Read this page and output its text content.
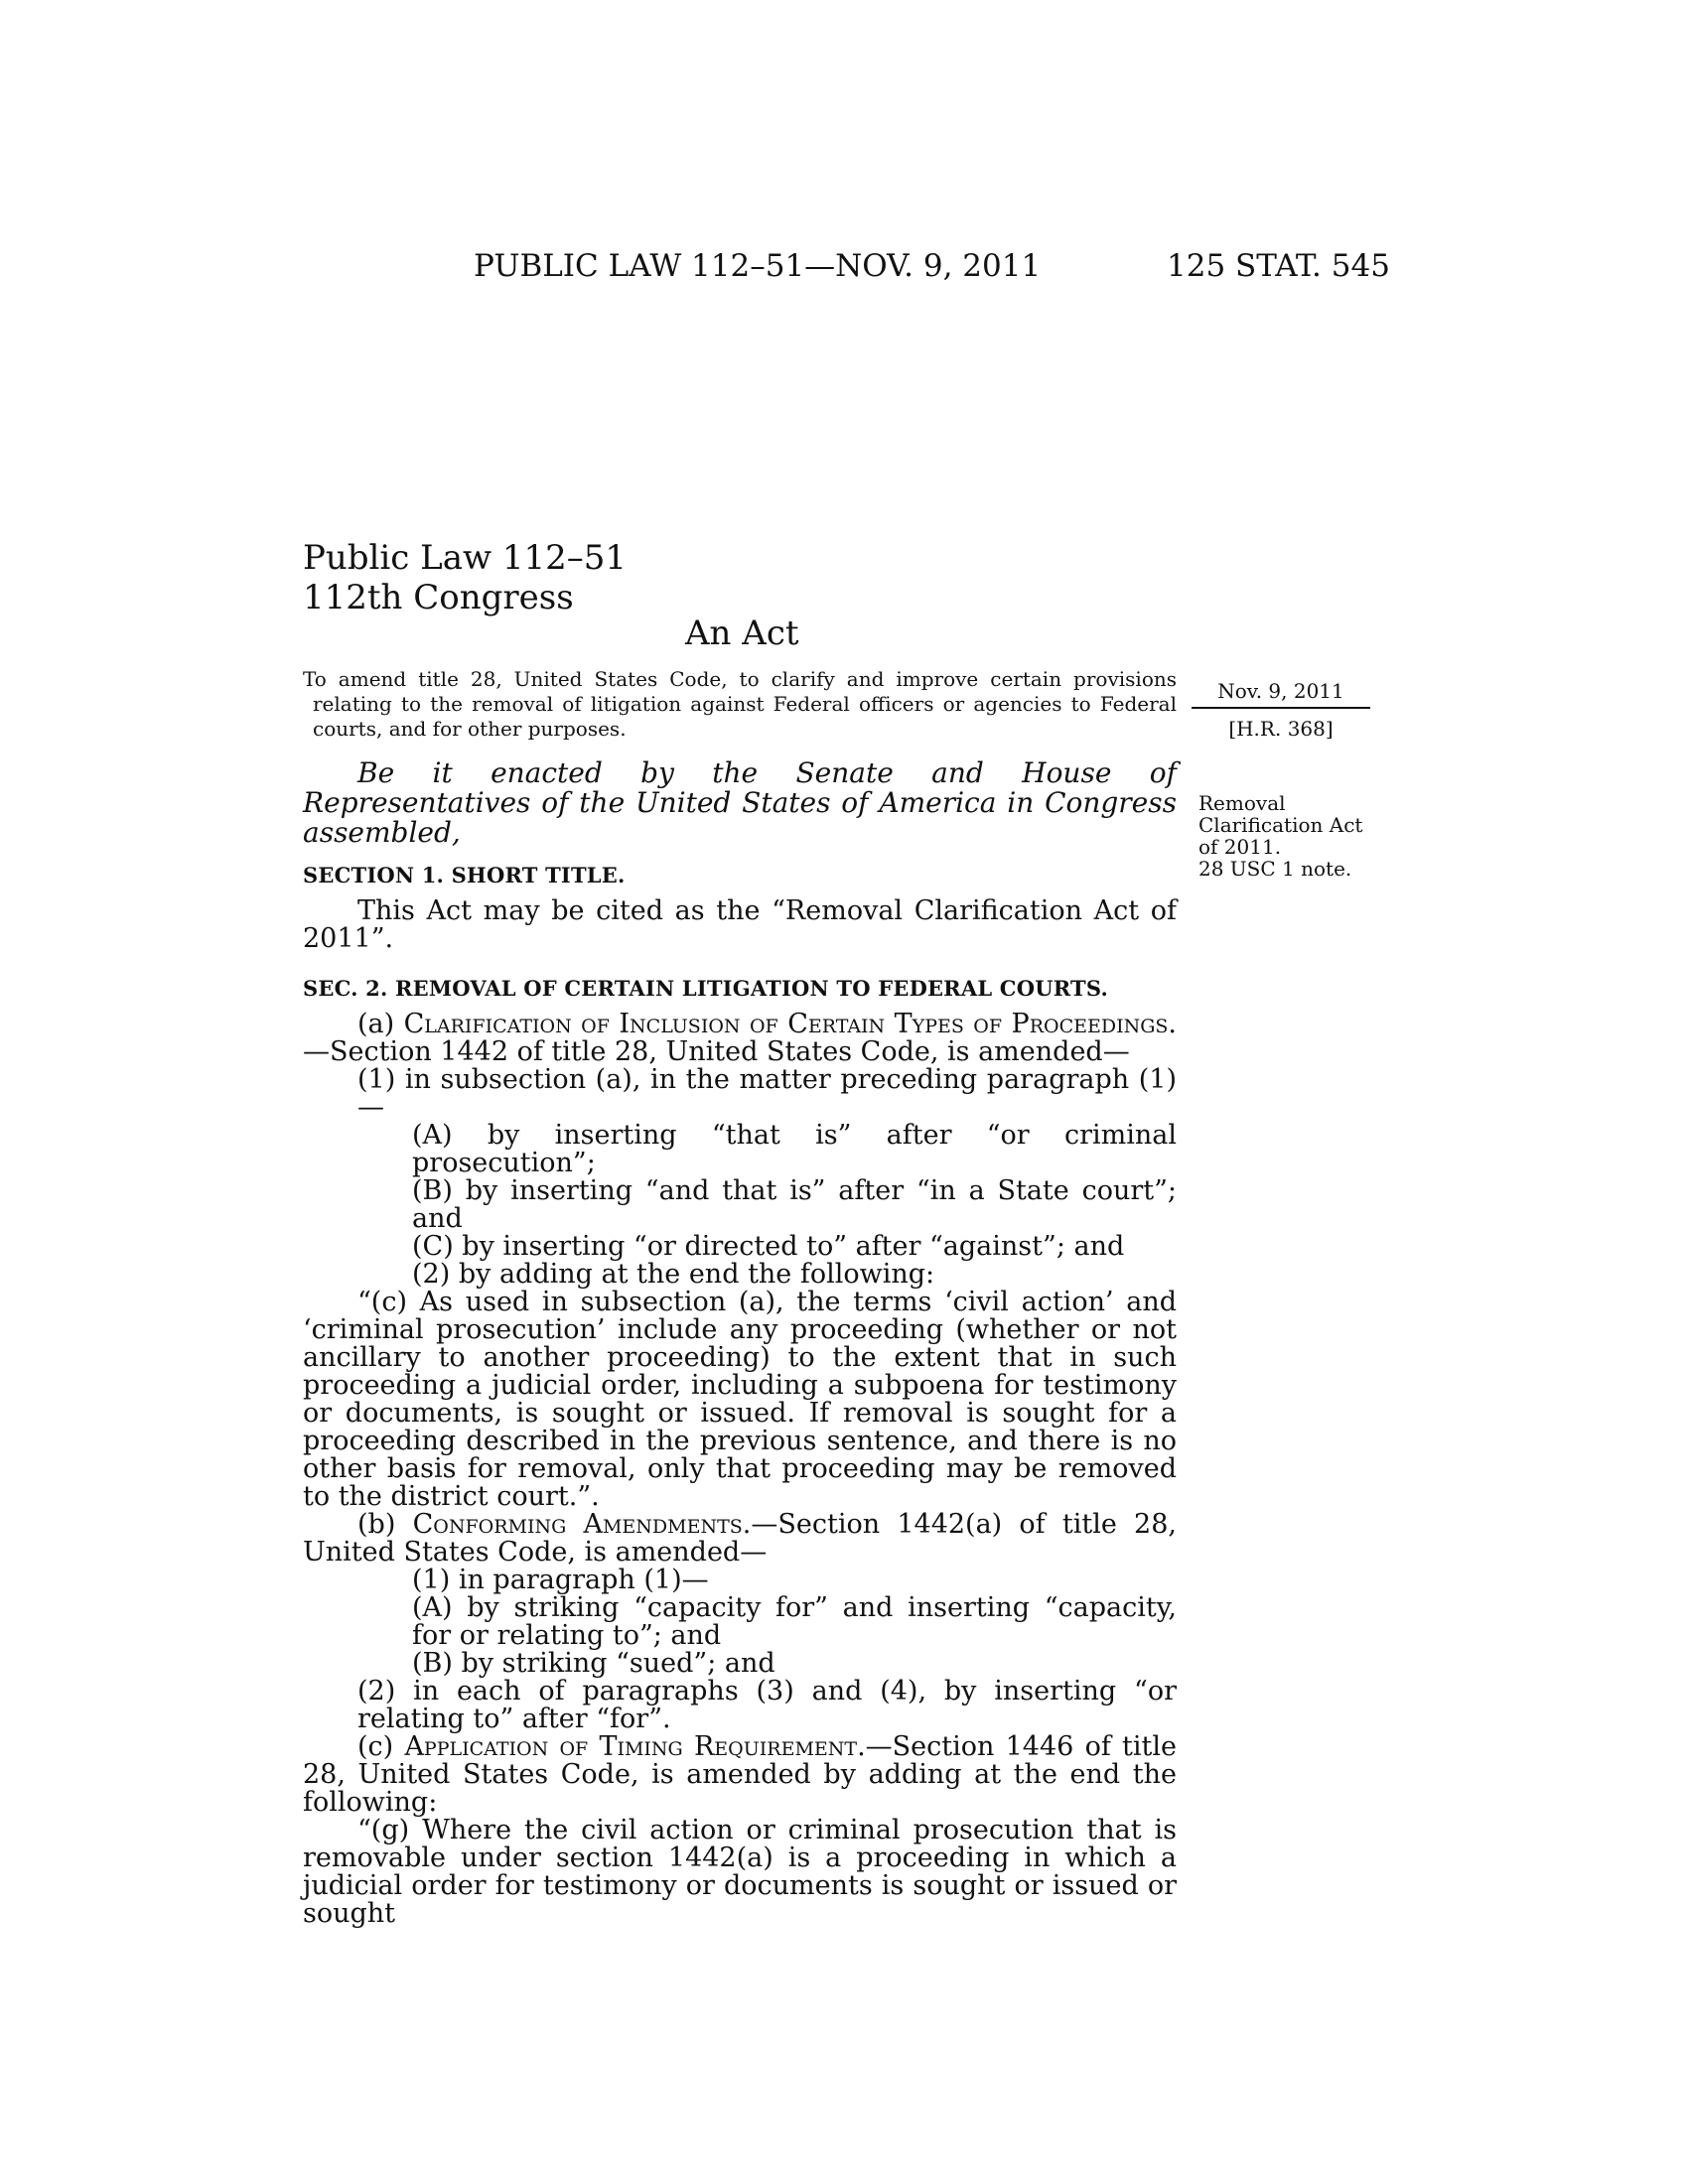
PUBLIC LAW 112–51—NOV. 9, 2011	125 STAT. 545
Public Law 112–51
112th Congress
An Act
To amend title 28, United States Code, to clarify and improve certain provisions relating to the removal of litigation against Federal officers or agencies to Federal courts, and for other purposes.
Nov. 9, 2011
[H.R. 368]
Removal
Clarification Act
of 2011.
28 USC 1 note.

Be it enacted by the Senate and House of Representatives of the United States of America in Congress assembled,

SECTION 1. SHORT TITLE.

This Act may be cited as the “Removal Clarification Act of 2011”.

SEC. 2. REMOVAL OF CERTAIN LITIGATION TO FEDERAL COURTS.

(a) Clarification of Inclusion of Certain Types of Proceedings.—Section 1442 of title 28, United States Code, is amended—

(1) in subsection (a), in the matter preceding paragraph (1)—

(A) by inserting “that is” after “or criminal prosecution”;

(B) by inserting “and that is” after “in a State court”; and

(C) by inserting “or directed to” after “against”; and

(2) by adding at the end the following:

“(c) As used in subsection (a), the terms ‘civil action’ and ‘criminal prosecution’ include any proceeding (whether or not ancillary to another proceeding) to the extent that in such proceeding a judicial order, including a subpoena for testimony or documents, is sought or issued. If removal is sought for a proceeding described in the previous sentence, and there is no other basis for removal, only that proceeding may be removed to the district court.”.

(b) Conforming Amendments.—Section 1442(a) of title 28, United States Code, is amended—

(1) in paragraph (1)—

(A) by striking “capacity for” and inserting “capacity, for or relating to”; and

(B) by striking “sued”; and

(2) in each of paragraphs (3) and (4), by inserting “or relating to” after “for”.

(c) Application of Timing Requirement.—Section 1446 of title 28, United States Code, is amended by adding at the end the following:

“(g) Where the civil action or criminal prosecution that is removable under section 1442(a) is a proceeding in which a judicial order for testimony or documents is sought or issued or sought
